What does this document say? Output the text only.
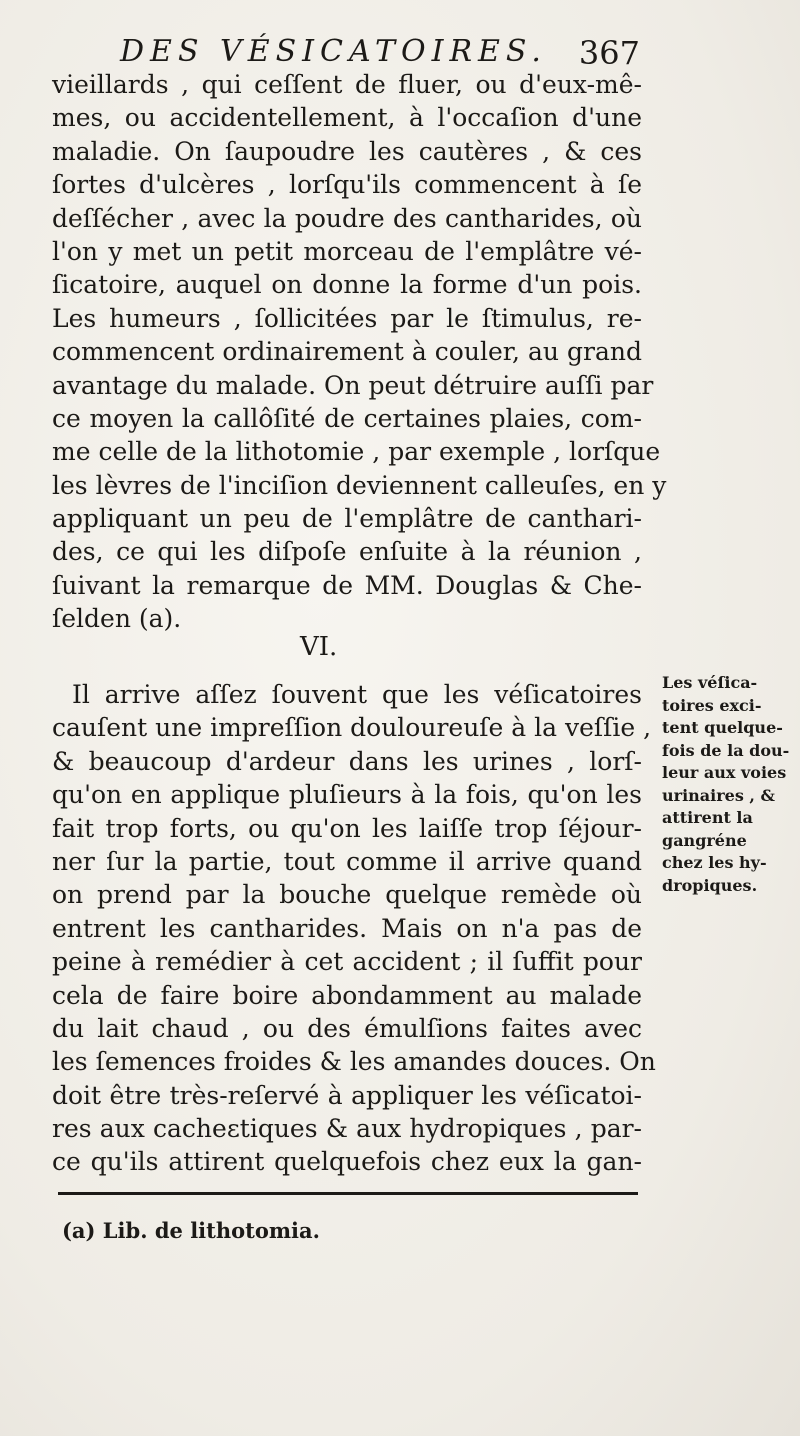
DES VÉSICATOIRES. 367
vieillards , qui ceſſent de fluer, ou d'eux-mê-
mes, ou accidentellement, à l'occaſion d'une
maladie. On ſaupoudre les cautères , & ces
ſortes d'ulcères , lorſqu'ils commencent à ſe
deſſécher , avec la poudre des cantharides, où
l'on y met un petit morceau de l'emplâtre vé-
ſicatoire, auquel on donne la forme d'un pois.
Les humeurs , ſollicitées par le ſtimulus, re-
commencent ordinairement à couler, au grand
avantage du malade. On peut détruire auſſi par
ce moyen la callôſité de certaines plaies, com-
me celle de la lithotomie , par exemple , lorſque
les lèvres de l'inciſion deviennent calleuſes, en y
appliquant un peu de l'emplâtre de canthari-
des, ce qui les diſpoſe enſuite à la réunion ,
ſuivant la remarque de MM. Douglas & Che-
ſelden (a).
VI.
Il arrive aſſez ſouvent que les véſicatoires
cauſent une impreſſion douloureuſe à la veſſie ,
& beaucoup d'ardeur dans les urines , lorſ-
qu'on en applique pluſieurs à la fois, qu'on les
fait trop forts, ou qu'on les laiſſe trop ſéjour-
ner ſur la partie, tout comme il arrive quand
on prend par la bouche quelque remède où
entrent les cantharides. Mais on n'a pas de
peine à remédier à cet accident ; il ſuffit pour
cela de faire boire abondamment au malade
du lait chaud , ou des émulſions faites avec
les ſemences froides & les amandes douces. On
doit être très-reſervé à appliquer les véſicatoi-
res aux cacheɛtiques & aux hydropiques , par-
ce qu'ils attirent quelquefois chez eux la gan-
Les véſica-
toires exci-
tent quelque-
fois de la dou-
leur aux voies
urinaires , &
attirent la
gangréne
chez les hy-
dropiques.
(a) Lib. de lithotomia.
